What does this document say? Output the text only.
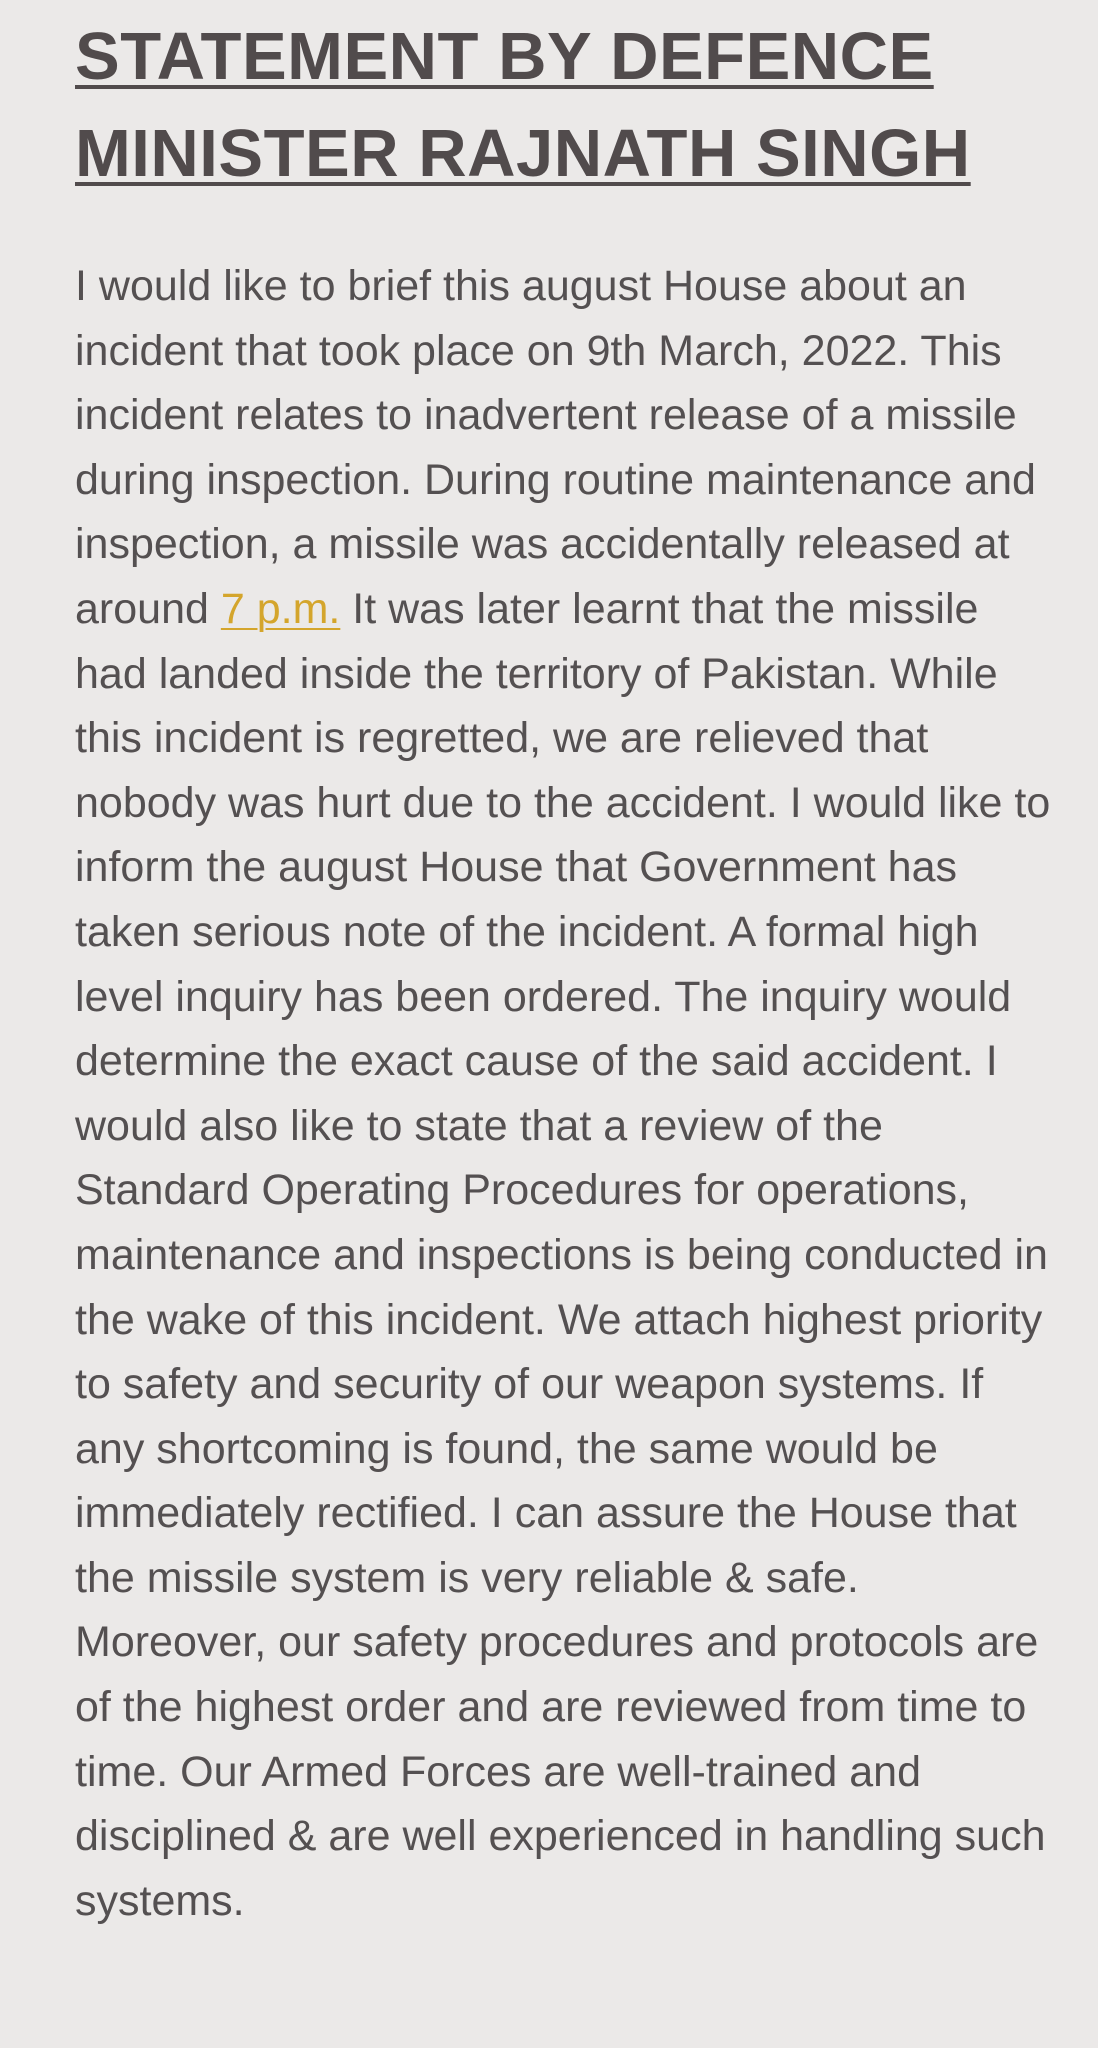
STATEMENT BY DEFENCE
MINISTER RAJNATH SINGH

I would like to brief this august House about an incident that took place on 9th March, 2022. This incident relates to inadvertent release of a missile during inspection. During routine maintenance and inspection, a missile was accidentally released at around 7 p.m. It was later learnt that the missile had landed inside the territory of Pakistan. While this incident is regretted, we are relieved that nobody was hurt due to the accident. I would like to inform the august House that Government has taken serious note of the incident. A formal high level inquiry has been ordered. The inquiry would determine the exact cause of the said accident. I would also like to state that a review of the Standard Operating Procedures for operations, maintenance and inspections is being conducted in the wake of this incident. We attach highest priority to safety and security of our weapon systems. If any shortcoming is found, the same would be immediately rectified. I can assure the House that the missile system is very reliable & safe. Moreover, our safety procedures and protocols are of the highest order and are reviewed from time to time. Our Armed Forces are well-trained and disciplined & are well experienced in handling such systems.
